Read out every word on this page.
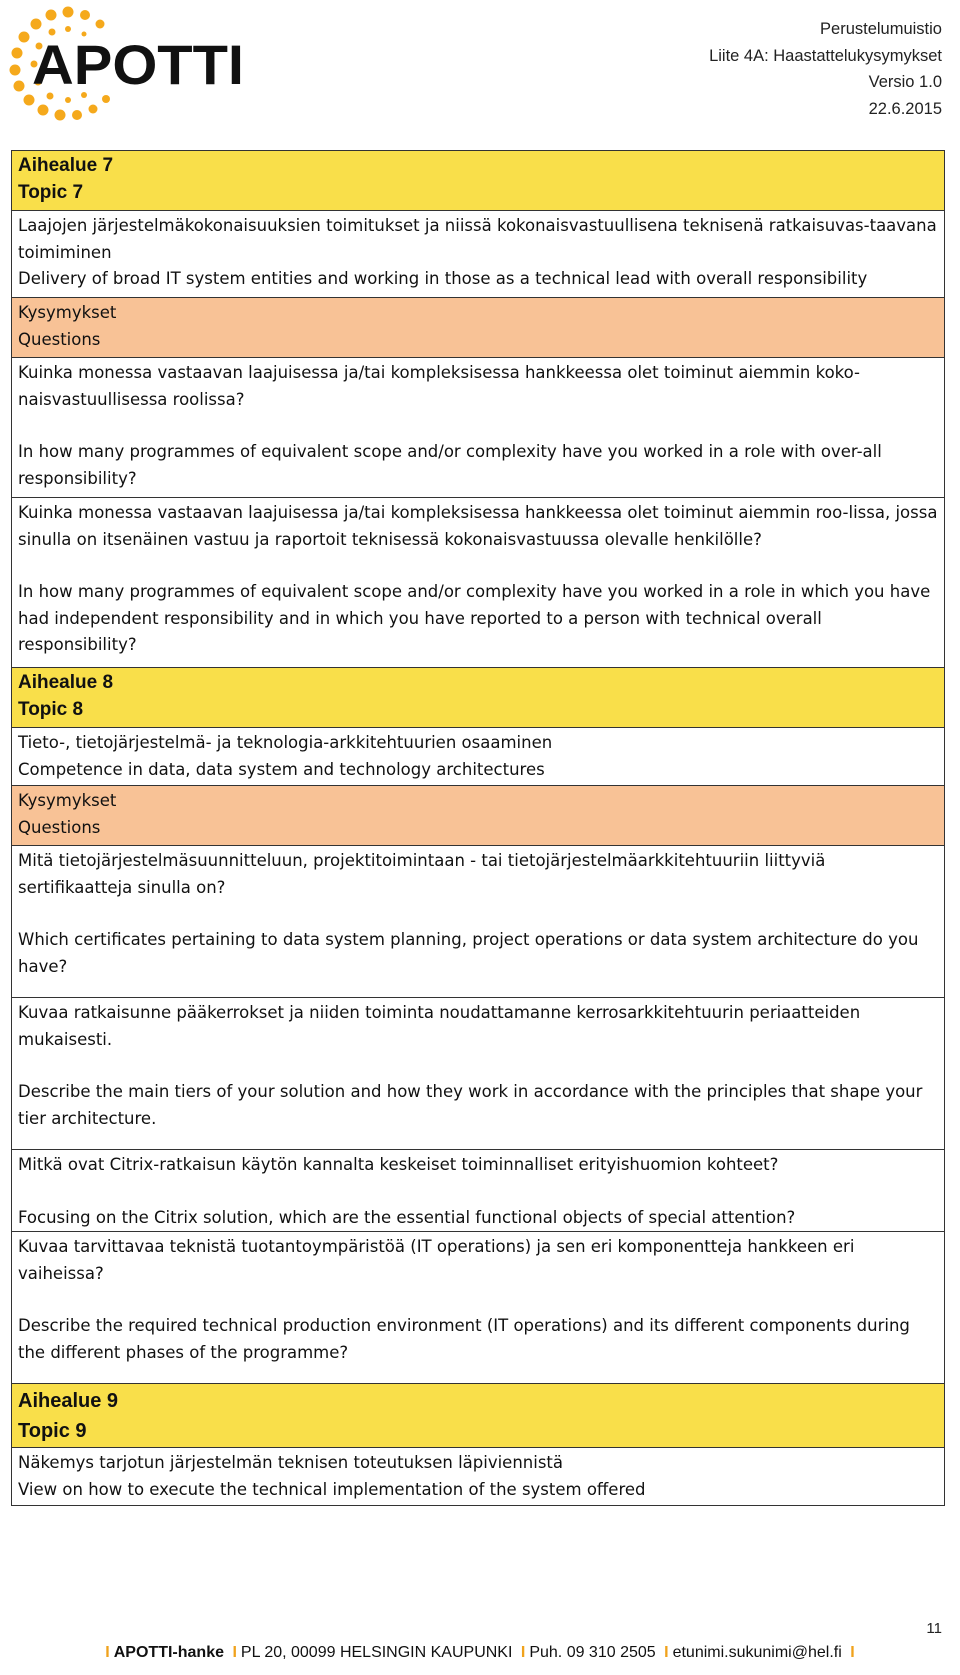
APOTTI
Perustelumuistio
Liite 4A: Haastattelukysymykset
Versio 1.0
22.6.2015
Aihealue 7
Topic 7

Laajojen järjestelmäkokonaisuuksien toimitukset ja niissä kokonaisvastuullisena teknisenä ratkaisuvas-taavana toimiminen

Delivery of broad IT system entities and working in those as a technical lead with overall responsibility

Kysymykset
Questions

Kuinka monessa vastaavan laajuisessa ja/tai kompleksisessa hankkeessa olet toiminut aiemmin koko-naisvastuullisessa roolissa?

In how many programmes of equivalent scope and/or complexity have you worked in a role with over-all responsibility?

Kuinka monessa vastaavan laajuisessa ja/tai kompleksisessa hankkeessa olet toiminut aiemmin roo-lissa, jossa sinulla on itsenäinen vastuu ja raportoit teknisessä kokonaisvastuussa olevalle henkilölle?

In how many programmes of equivalent scope and/or complexity have you worked in a role in which you have had independent responsibility and in which you have reported to a person with technical overall responsibility?

Aihealue 8
Topic 8

Tieto-, tietojärjestelmä- ja teknologia-arkkitehtuurien osaaminen

Competence in data, data system and technology architectures

Kysymykset
Questions

Mitä tietojärjestelmäsuunnitteluun, projektitoimintaan - tai tietojärjestelmäarkkitehtuuriin liittyviä sertifikaatteja sinulla on?

Which certificates pertaining to data system planning, project operations or data system architecture do you have?

Kuvaa ratkaisunne pääkerrokset ja niiden toiminta noudattamanne kerrosarkkitehtuurin periaatteiden mukaisesti.

Describe the main tiers of your solution and how they work in accordance with the principles that shape your tier architecture.

Mitkä ovat Citrix-ratkaisun käytön kannalta keskeiset toiminnalliset erityishuomion kohteet?

Focusing on the Citrix solution, which are the essential functional objects of special attention?

Kuvaa tarvittavaa teknistä tuotantoympäristöä (IT operations) ja sen eri komponentteja hankkeen eri vaiheissa?

Describe the required technical production environment (IT operations) and its different components during the different phases of the programme?

Aihealue 9
Topic 9

Näkemys tarjotun järjestelmän teknisen toteutuksen läpiviennistä

View on how to execute the technical implementation of the system offered

11
I APOTTI-hanke I PL 20, 00099 HELSINGIN KAUPUNKI I Puh. 09 310 2505 I etunimi.sukunimi@hel.fi I
